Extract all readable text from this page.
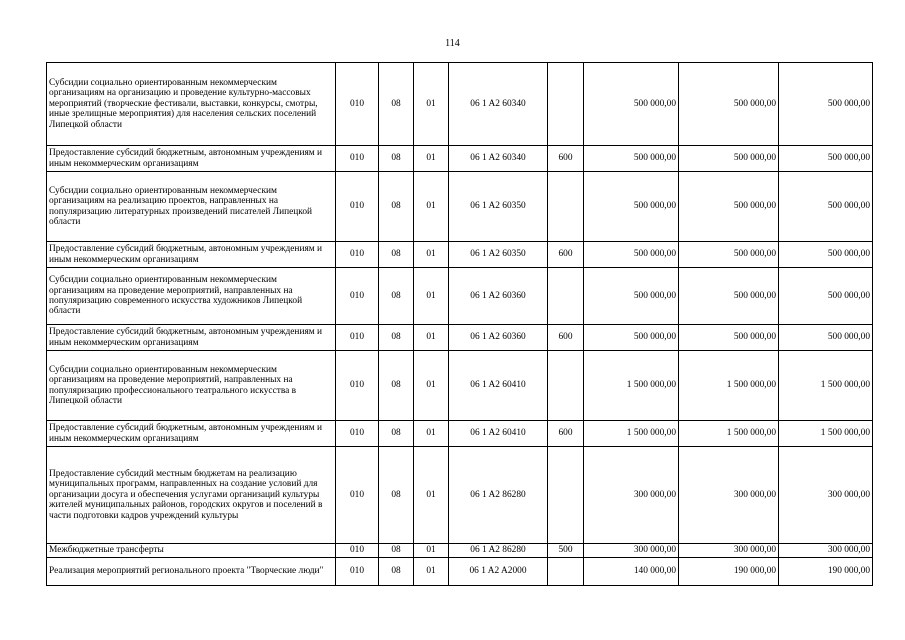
114
Субсидии социально ориентированным некоммерческим организациям на организацию и проведение культурно-массовых мероприятий (творческие фестивали, выставки, конкурсы, смотры, иные зрелищные мероприятия) для населения сельских поселений Липецкой области	010	08	01	06 1 A2 60340		500 000,00	500 000,00	500 000,00
Предоставление субсидий бюджетным, автономным учреждениям и иным некоммерческим организациям	010	08	01	06 1 A2 60340	600	500 000,00	500 000,00	500 000,00
Субсидии социально ориентированным некоммерческим организациям на реализацию проектов, направленных на популяризацию литературных произведений писателей Липецкой области	010	08	01	06 1 A2 60350		500 000,00	500 000,00	500 000,00
Предоставление субсидий бюджетным, автономным учреждениям и иным некоммерческим организациям	010	08	01	06 1 A2 60350	600	500 000,00	500 000,00	500 000,00
Субсидии социально ориентированным некоммерческим организациям на проведение мероприятий, направленных на популяризацию современного искусства художников Липецкой области	010	08	01	06 1 A2 60360		500 000,00	500 000,00	500 000,00
Предоставление субсидий бюджетным, автономным учреждениям и иным некоммерческим организациям	010	08	01	06 1 A2 60360	600	500 000,00	500 000,00	500 000,00
Субсидии социально ориентированным некоммерческим организациям на проведение мероприятий, направленных на популяризацию профессионального театрального искусства в Липецкой области	010	08	01	06 1 A2 60410		1 500 000,00	1 500 000,00	1 500 000,00
Предоставление субсидий бюджетным, автономным учреждениям и иным некоммерческим организациям	010	08	01	06 1 A2 60410	600	1 500 000,00	1 500 000,00	1 500 000,00
Предоставление субсидий местным бюджетам на реализацию муниципальных программ, направленных на создание условий для организации досуга и обеспечения услугами организаций культуры жителей муниципальных районов, городских округов и поселений в части подготовки кадров учреждений культуры	010	08	01	06 1 A2 86280		300 000,00	300 000,00	300 000,00
Межбюджетные трансферты	010	08	01	06 1 A2 86280	500	300 000,00	300 000,00	300 000,00
Реализация мероприятий регионального проекта "Творческие люди"	010	08	01	06 1 A2 A2000		140 000,00	190 000,00	190 000,00
